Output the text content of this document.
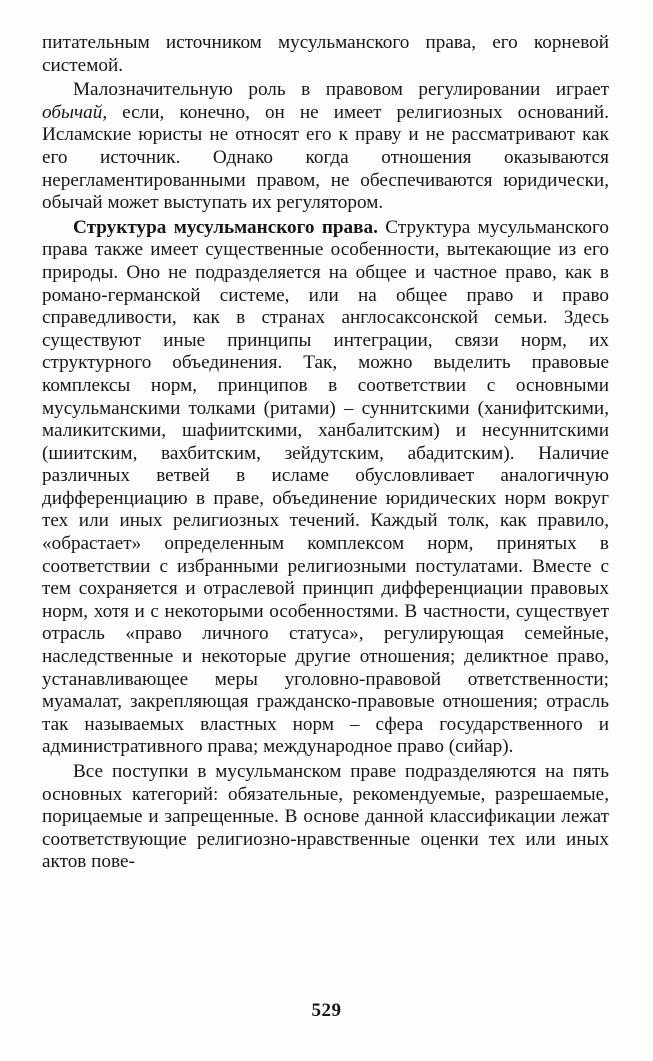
питательным источником мусульманского права, его корневой системой.

Малозначительную роль в правовом регулировании играет обычай, если, конечно, он не имеет религиозных оснований. Исламские юристы не относят его к праву и не рассматривают как его источник. Однако когда отношения оказываются нерегламентированными правом, не обеспечиваются юридически, обычай может выступать их регулятором.

Структура мусульманского права. Структура мусульманского права также имеет существенные особенности, вытекающие из его природы. Оно не подразделяется на общее и частное право, как в романо-германской системе, или на общее право и право справедливости, как в странах англосаксонской семьи. Здесь существуют иные принципы интеграции, связи норм, их структурного объединения. Так, можно выделить правовые комплексы норм, принципов в соответствии с основными мусульманскими толками (ритами) – суннитскими (ханифитскими, маликитскими, шафиитскими, ханбалитским) и несуннитскими (шиитским, вахбитским, зейдутским, абадитским). Наличие различных ветвей в исламе обусловливает аналогичную дифференциацию в праве, объединение юридических норм вокруг тех или иных религиозных течений. Каждый толк, как правило, «обрастает» определенным комплексом норм, принятых в соответствии с избранными религиозными постулатами. Вместе с тем сохраняется и отраслевой принцип дифференциации правовых норм, хотя и с некоторыми особенностями. В частности, существует отрасль «право личного статуса», регулирующая семейные, наследственные и некоторые другие отношения; деликтное право, устанавливающее меры уголовно-правовой ответственности; муамалат, закрепляющая гражданско-правовые отношения; отрасль так называемых властных норм – сфера государственного и административного права; международное право (сийар).

Все поступки в мусульманском праве подразделяются на пять основных категорий: обязательные, рекомендуемые, разрешаемые, порицаемые и запрещенные. В основе данной классификации лежат соответствующие религиозно-нравственные оценки тех или иных актов пове-

529
